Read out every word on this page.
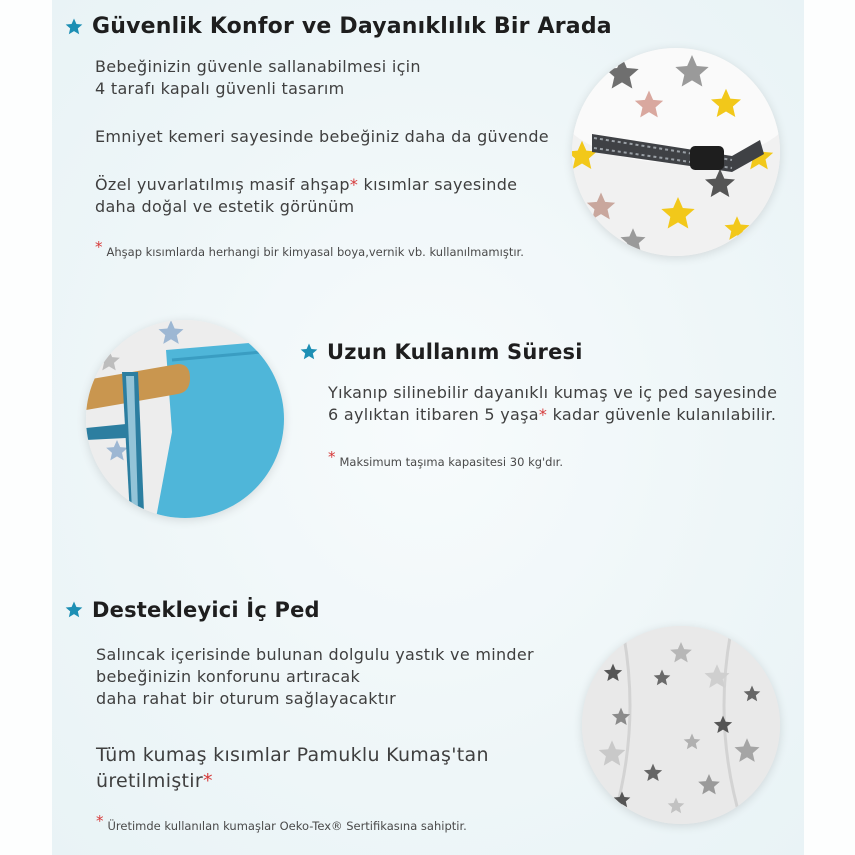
Güvenlik Konfor ve Dayanıklılık Bir Arada
Bebeğinizin güvenle sallanabilmesi için
4 tarafı kapalı güvenli tasarım
Emniyet kemeri sayesinde bebeğiniz daha da güvende
Özel yuvarlatılmış masif ahşap* kısımlar sayesinde
daha doğal ve estetik görünüm
* Ahşap kısımlarda herhangi bir kimyasal boya,vernik vb. kullanılmamıştır.
Uzun Kullanım Süresi
Yıkanıp silinebilir dayanıklı kumaş ve iç ped sayesinde
6 aylıktan itibaren 5 yaşa* kadar güvenle kulanılabilir.
* Maksimum taşıma kapasitesi 30 kg'dır.
Destekleyici İç Ped
Salıncak içerisinde bulunan dolgulu yastık ve minder
bebeğinizin konforunu artıracak
daha rahat bir oturum sağlayacaktır
Tüm kumaş kısımlar Pamuklu Kumaş'tan
üretilmiştir*
* Üretimde kullanılan kumaşlar Oeko-Tex® Sertifikasına sahiptir.
